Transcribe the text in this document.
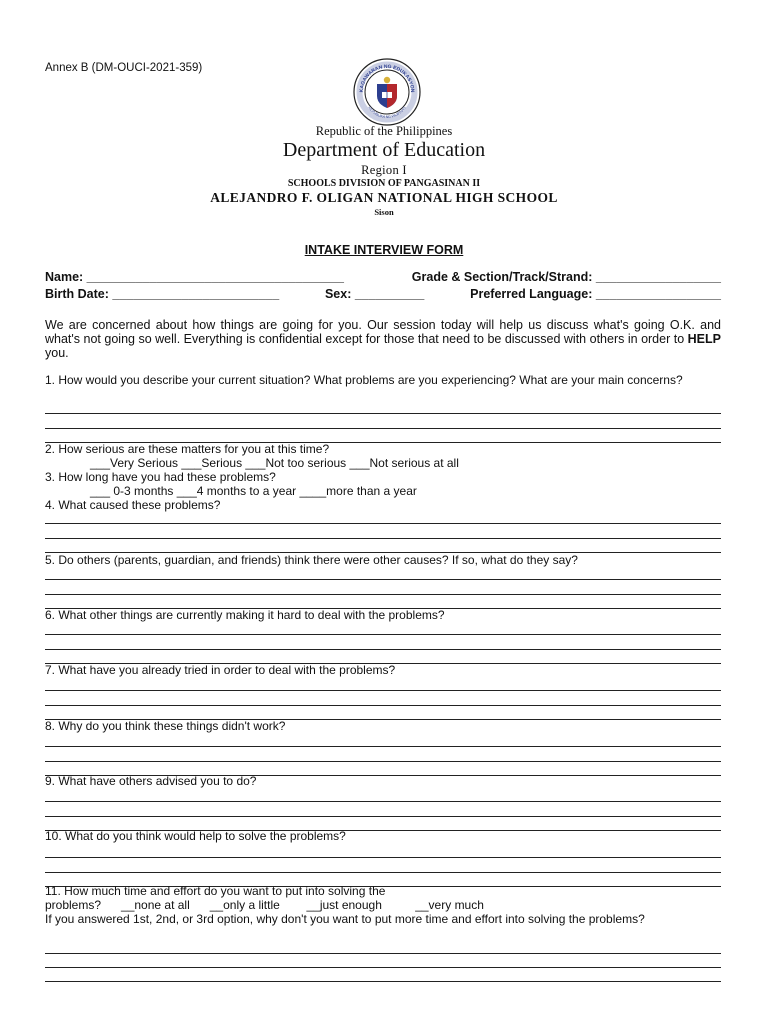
Annex B (DM-OUCI-2021-359)
KAGAWARAN NG EDUKASYON
REPUBLIKA NG PILIPINAS
Republic of the Philippines
Department of Education
Region I
SCHOOLS DIVISION OF PANGASINAN II
ALEJANDRO F. OLIGAN NATIONAL HIGH SCHOOL
Sison
INTAKE INTERVIEW FORM
Name: _____________________________________	Grade & Section/Track/Strand: __________________
Birth Date: ________________________	Sex: __________	Preferred Language: __________________
We are concerned about how things are going for you. Our session today will help us discuss what's going O.K. and what's not going so well. Everything is confidential except for those that need to be discussed with others in order to HELP you.
1. How would you describe your current situation? What problems are you experiencing? What are your main concerns?
2. How serious are these matters for you at this time?
___Very Serious ___Serious ___Not too serious ___Not serious at all
3. How long have you had these problems?
___ 0-3 months ___4 months to a year ____more than a year
4. What caused these problems?
5. Do others (parents, guardian, and friends) think there were other causes? If so, what do they say?
6. What other things are currently making it hard to deal with the problems?
7. What have you already tried in order to deal with the problems?
8. Why do you think these things didn't work?
9. What have others advised you to do?
10. What do you think would help to solve the problems?
11. How much time and effort do you want to put into solving the
problems?      __none at all      __only a little        __just enough          __very much
If you answered 1st, 2nd, or 3rd option, why don't you want to put more time and effort into solving the problems?
